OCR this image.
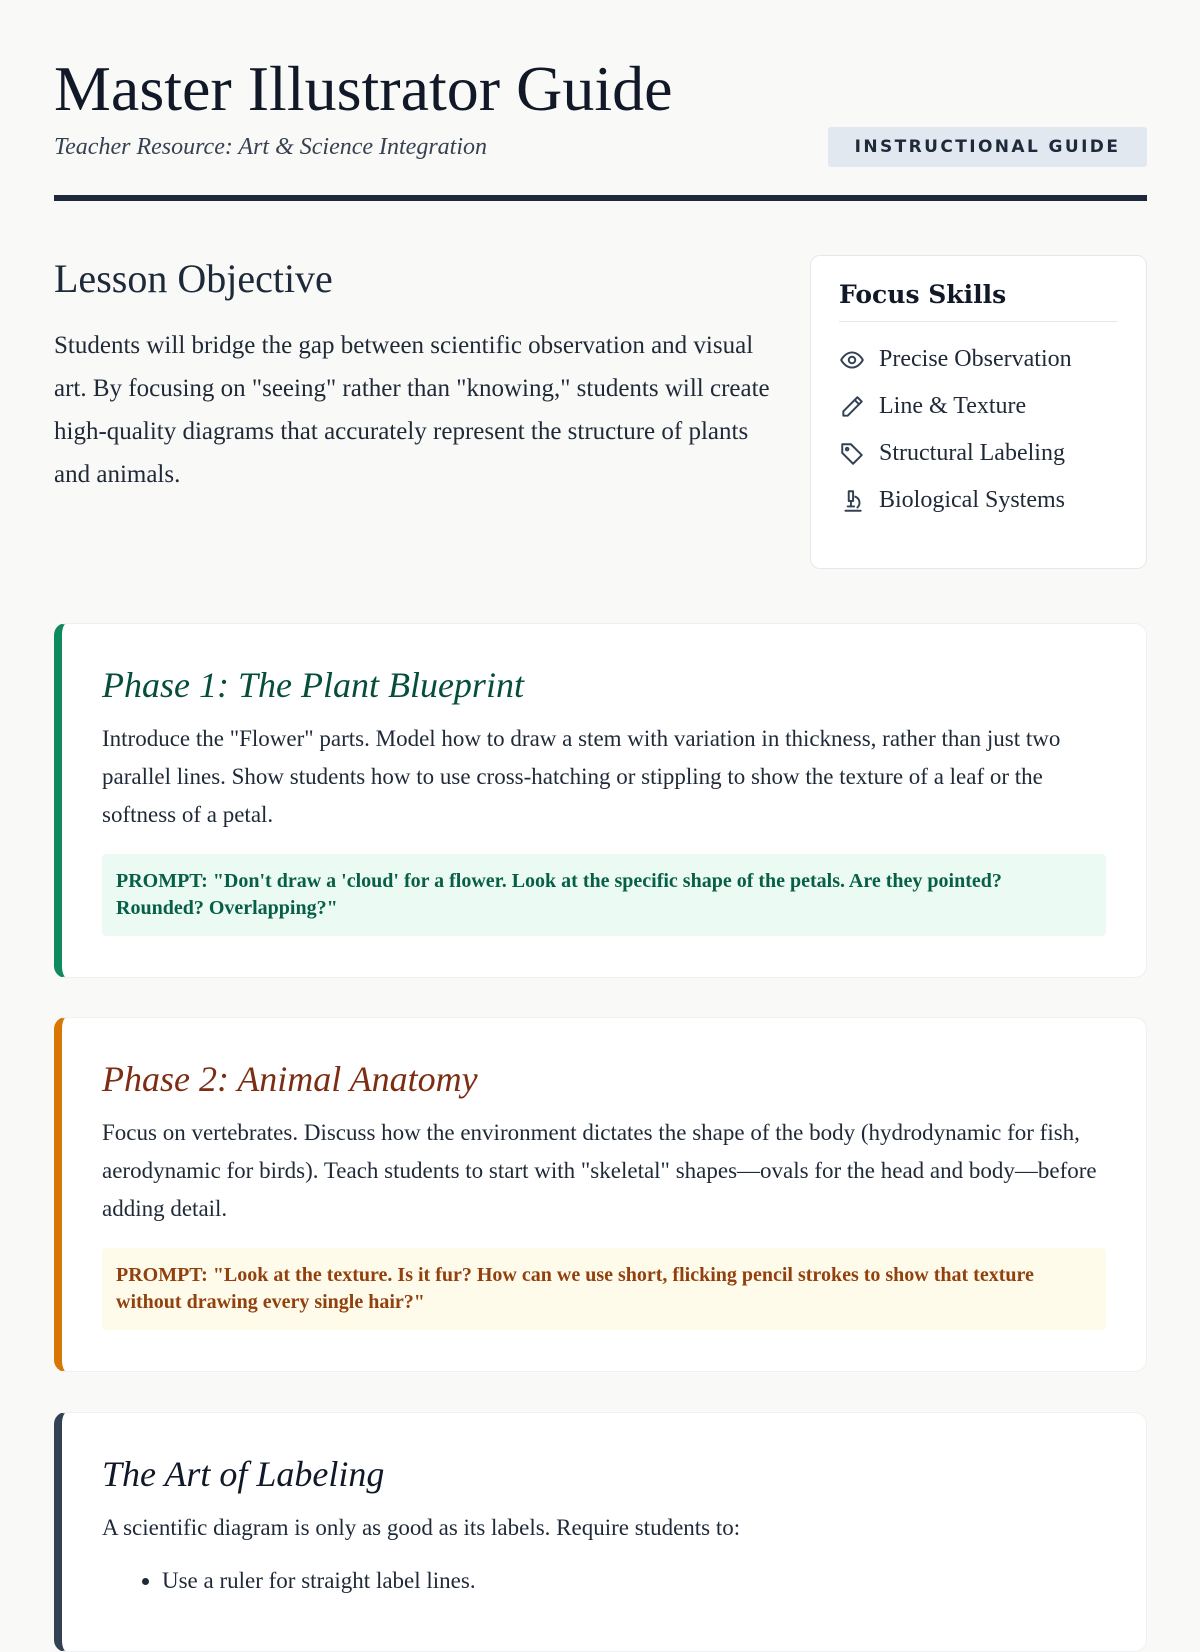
Master Illustrator Guide
Teacher Resource: Art & Science Integration	INSTRUCTIONAL GUIDE
Lesson Objective

Students will bridge the gap between scientific observation and visual art. By focusing on "seeing" rather than "knowing," students will create high-quality diagrams that accurately represent the structure of plants and animals.

Focus Skills
Precise Observation
Line & Texture
Structural Labeling
Biological Systems
Phase 1: The Plant Blueprint

Introduce the "Flower" parts. Model how to draw a stem with variation in thickness, rather than just two parallel lines. Show students how to use cross-hatching or stippling to show the texture of a leaf or the softness of a petal.

PROMPT: "Don't draw a 'cloud' for a flower. Look at the specific shape of the petals. Are they pointed? Rounded? Overlapping?"
Phase 2: Animal Anatomy

Focus on vertebrates. Discuss how the environment dictates the shape of the body (hydrodynamic for fish, aerodynamic for birds). Teach students to start with "skeletal" shapes—ovals for the head and body—before adding detail.

PROMPT: "Look at the texture. Is it fur? How can we use short, flicking pencil strokes to show that texture without drawing every single hair?"
The Art of Labeling

A scientific diagram is only as good as its labels. Require students to:

• Use a ruler for straight label lines.
